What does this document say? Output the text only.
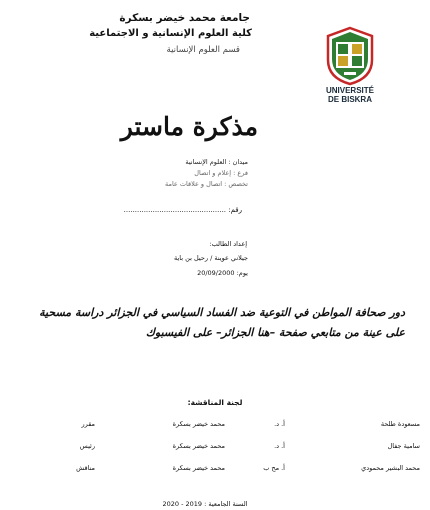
جامعة محمد خيضر بسكرة
كلية العلوم الإنسانية و الاجتماعية
قسم العلوم الإنسانية
UNIVERSITÉ
DE BISKRA
مذكرة ماستر
ميدان : العلوم الإنسانية
فرع : إعلام و اتصال
تخصص : اتصال و علاقات عامة
رقم: ..............................................
إعداد الطالب:
جيلاني عوينة / رحيل بن باية
يوم: 20/09/2000
دور صحافة المواطن في التوعية ضد الفساد السياسي في الجزائر دراسة مسحية على عينة من متابعي صفحة –هنا الجزائر– على الفيسبوك
لجنة المناقشة:
مسعودة طلحة
أ. د.
محمد خيضر بسكرة
مقرر
سامية جفال
أ. د.
محمد خيضر بسكرة
رئيس
محمد البشير محمودي
أ. مح ب
محمد خيضر بسكرة
مناقش
السنة الجامعية : 2019 - 2020
